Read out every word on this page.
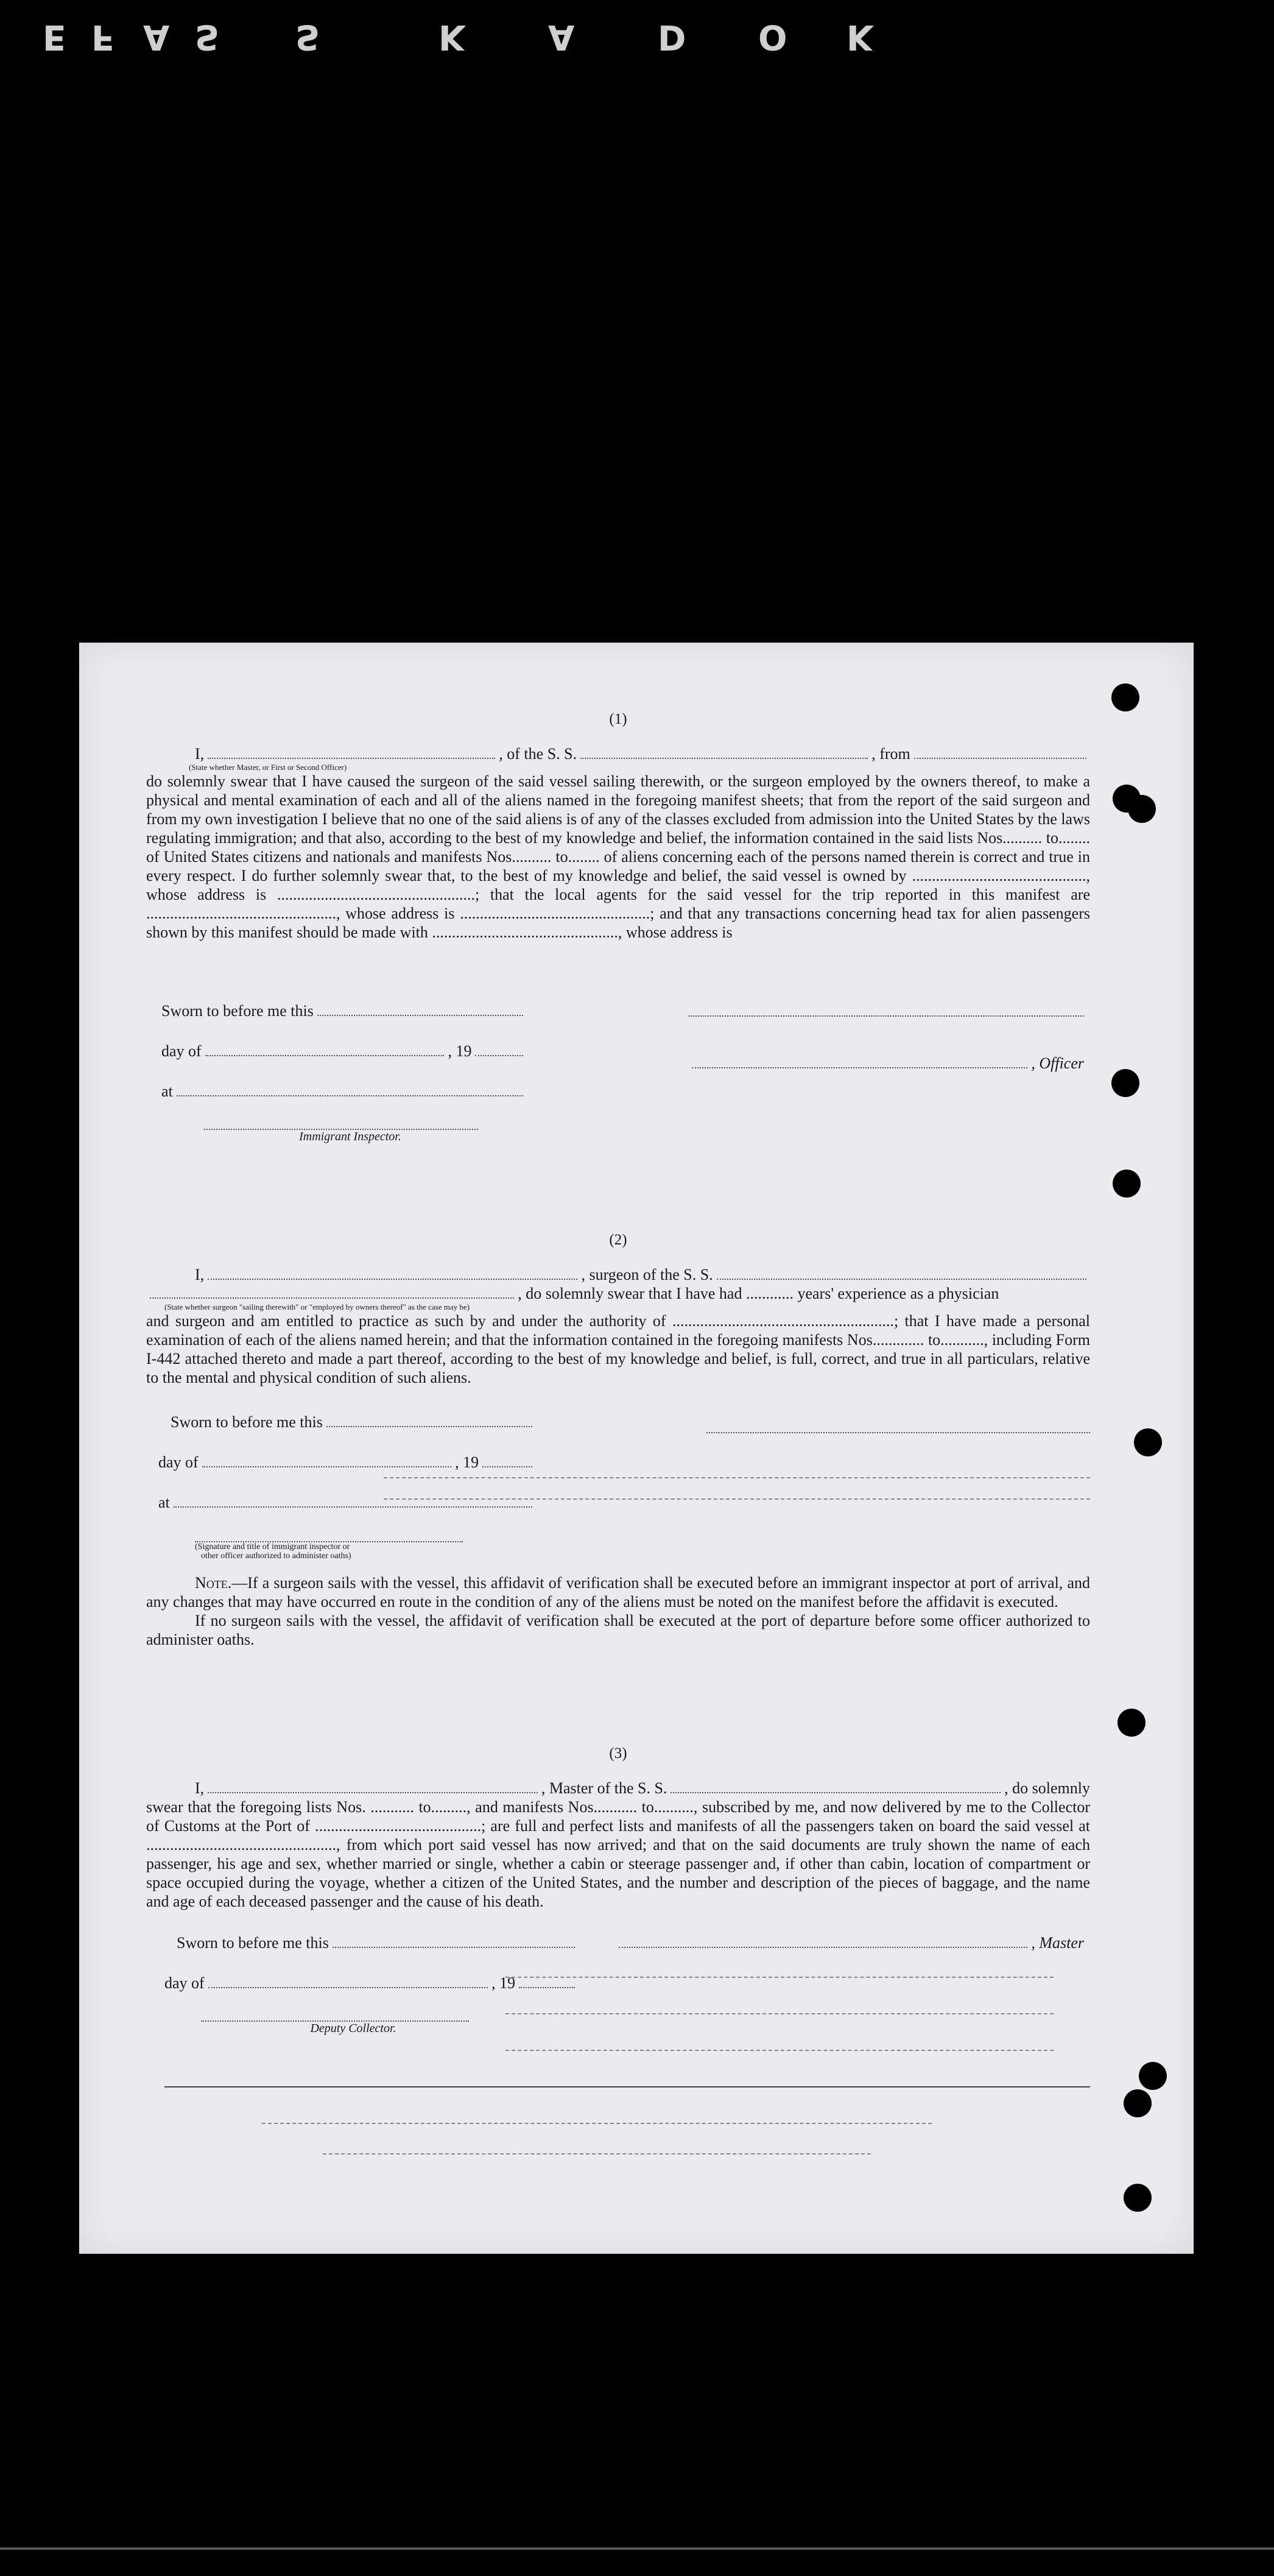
E F A S S	K A D O K
(1)
I,	, of the S. S.	, from
(State whether Master, or First or Second Officer)
do solemnly swear that I have caused the surgeon of the said vessel sailing therewith, or the surgeon employed by the owners thereof, to make a physical and mental examination of each and all of the aliens named in the foregoing manifest sheets; that from the report of the said surgeon and from my own investigation I believe that no one of the said aliens is of any of the classes excluded from admission into the United States by the laws regulating immigration; and that also, according to the best of my knowledge and belief, the information contained in the said lists Nos.......... to........ of United States citizens and nationals and manifests Nos.......... to........ of aliens concerning each of the persons named therein is correct and true in every respect. I do further solemnly swear that, to the best of my knowledge and belief, the said vessel is owned by ............................................, whose address is ..................................................; that the local agents for the said vessel for the trip reported in this manifest are ................................................, whose address is ................................................; and that any transactions concerning head tax for alien passengers shown by this manifest should be made with ..............................................., whose address is
Sworn to before me this
day of	, 19
at
Immigrant Inspector.
, Officer
(2)
I,	, surgeon of the S. S.
, do solemnly swear that I have had ............ years' experience as a physician
(State whether surgeon "sailing therewith" or "employed by owners thereof" as the case may be)
and surgeon and am entitled to practice as such by and under the authority of ........................................................; that I have made a personal examination of each of the aliens named herein; and that the information contained in the foregoing manifests Nos............. to..........., including Form I-442 attached thereto and made a part thereof, according to the best of my knowledge and belief, is full, correct, and true in all particulars, relative to the mental and physical condition of such aliens.
Sworn to before me this
day of	, 19
at
(Signature and title of immigrant inspector or
other officer authorized to administer oaths)
Note.—If a surgeon sails with the vessel, this affidavit of verification shall be executed before an immigrant inspector at port of arrival, and any changes that may have occurred en route in the condition of any of the aliens must be noted on the manifest before the affidavit is executed.
If no surgeon sails with the vessel, the affidavit of verification shall be executed at the port of departure before some officer authorized to administer oaths.
(3)
I,	, Master of the S. S.	, do solemnly
swear that the foregoing lists Nos. ........... to........., and manifests Nos........... to.........., subscribed by me, and now delivered by me to the Collector of Customs at the Port of ..........................................; are full and perfect lists and manifests of all the passengers taken on board the said vessel at ................................................, from which port said vessel has now arrived; and that on the said documents are truly shown the name of each passenger, his age and sex, whether married or single, whether a cabin or steerage passenger and, if other than cabin, location of compartment or space occupied during the voyage, whether a citizen of the United States, and the number and description of the pieces of baggage, and the name and age of each deceased passenger and the cause of his death.
Sworn to before me this
day of	, 19
Deputy Collector.
, Master
